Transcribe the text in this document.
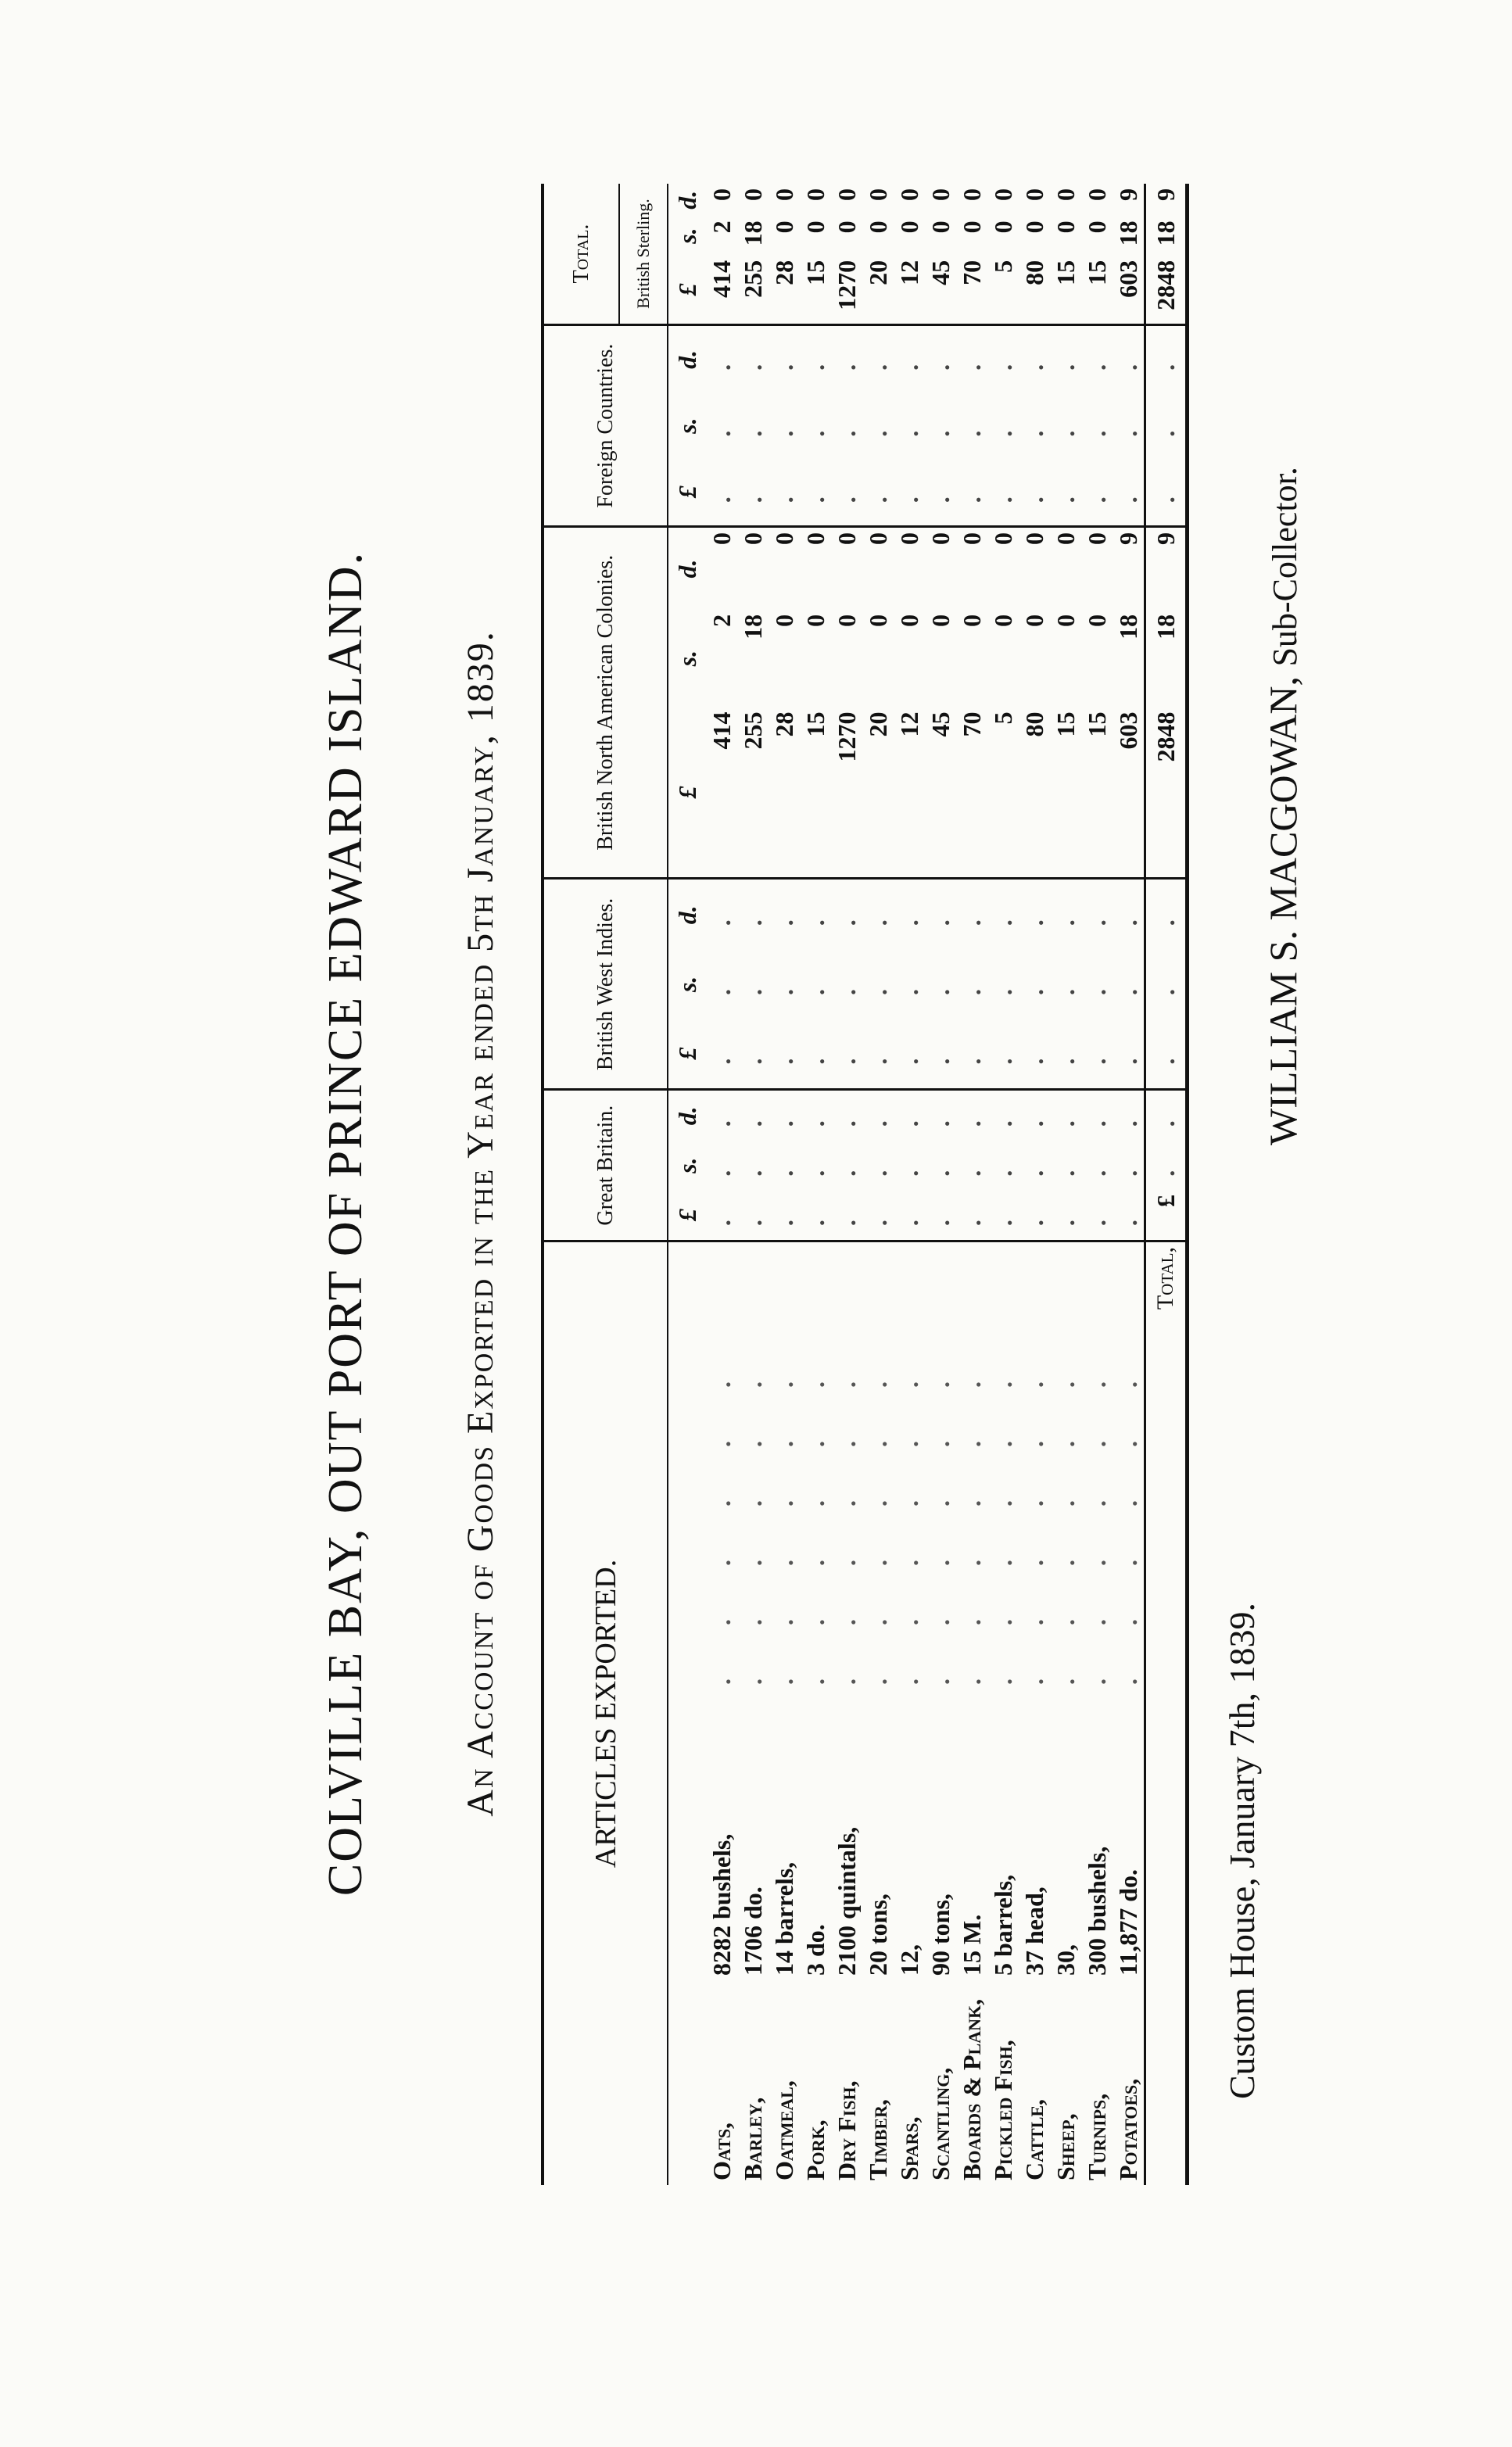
COLVILLE BAY, OUT PORT OF PRINCE EDWARD ISLAND. An Account of Goods Exported in the Year ended 5th January, 1839.	ARTICLES EXPORTED.			Great Britain.			British West Indies.			British North American Colonies.			Foreign Countries.			Total.		
															British Sterling.		
			£	s.	d.	£	s.	d.	£	s.	d.	£	s.	d.	£	s.	d.
Oats,	8282 bushels,	. . . . . .	.	.	.	.	.	.	414	2	0	.	.	.	414	2	0
Barley,	1706 do.	. . . . . .	.	.	.	.	.	.	255	18	0	.	.	.	255	18	0
Oatmeal,	14 barrels,	. . . . . .	.	.	.	.	.	.	28	0	0	.	.	.	28	0	0
Pork,	3 do.	. . . . . .	.	.	.	.	.	.	15	0	0	.	.	.	15	0	0
Dry Fish,	2100 quintals,	. . . . . .	.	.	.	.	.	.	1270	0	0	.	.	.	1270	0	0
Timber,	20 tons,	. . . . . .	.	.	.	.	.	.	20	0	0	.	.	.	20	0	0
Spars,	12,	. . . . . .	.	.	.	.	.	.	12	0	0	.	.	.	12	0	0
Scantling,	90 tons,	. . . . . .	.	.	.	.	.	.	45	0	0	.	.	.	45	0	0
Boards & Plank,	15 M.	. . . . . .	.	.	.	.	.	.	70	0	0	.	.	.	70	0	0
Pickled Fish,	5 barrels,	. . . . . .	.	.	.	.	.	.	5	0	0	.	.	.	5	0	0
Cattle,	37 head,	. . . . . .	.	.	.	.	.	.	80	0	0	.	.	.	80	0	0
Sheep,	30,	. . . . . .	.	.	.	.	.	.	15	0	0	.	.	.	15	0	0
Turnips,	300 bushels,	. . . . . .	.	.	.	.	.	.	15	0	0	.	.	.	15	0	0
Potatoes,	11,877 do.	. . . . . .	.	.	.	.	.	.	603	18	9	.	.	.	603	18	9
Total,			£	.	.	.	.	.	2848	18	9	.	.	.	2848	18	9
Custom House, January 7th, 1839.
WILLIAM S. MACGOWAN, Sub-Collector.
